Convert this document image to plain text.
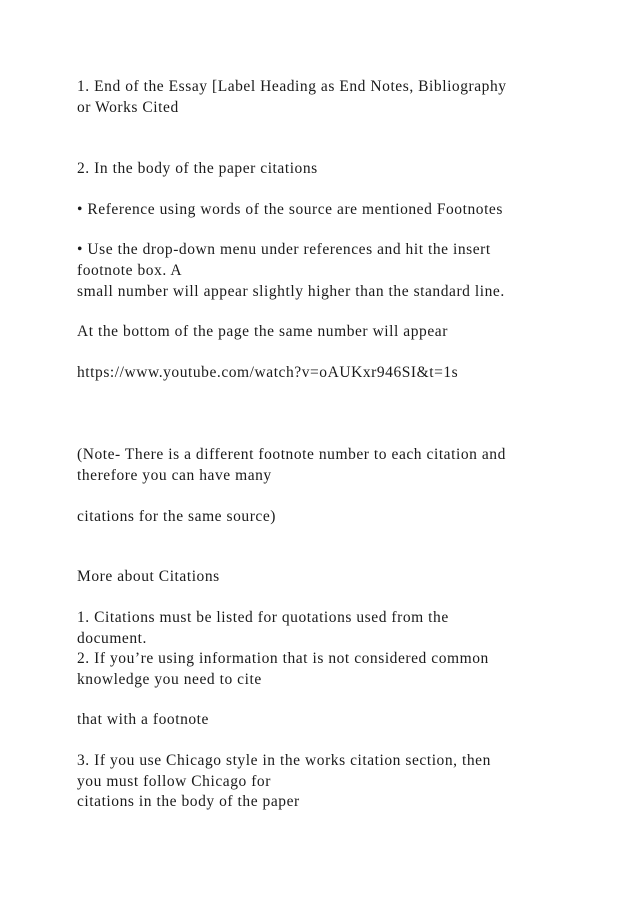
1. End of the Essay [Label Heading as End Notes, Bibliography
or Works Cited
2. In the body of the paper citations
• Reference using words of the source are mentioned Footnotes
• Use the drop-down menu under references and hit the insert
footnote box. A
small number will appear slightly higher than the standard line.
At the bottom of the page the same number will appear
https://www.youtube.com/watch?v=oAUKxr946SI&t=1s
(Note- There is a different footnote number to each citation and
therefore you can have many
citations for the same source)
More about Citations
1. Citations must be listed for quotations used from the
document.
2. If you’re using information that is not considered common
knowledge you need to cite
that with a footnote
3. If you use Chicago style in the works citation section, then
you must follow Chicago for
citations in the body of the paper
